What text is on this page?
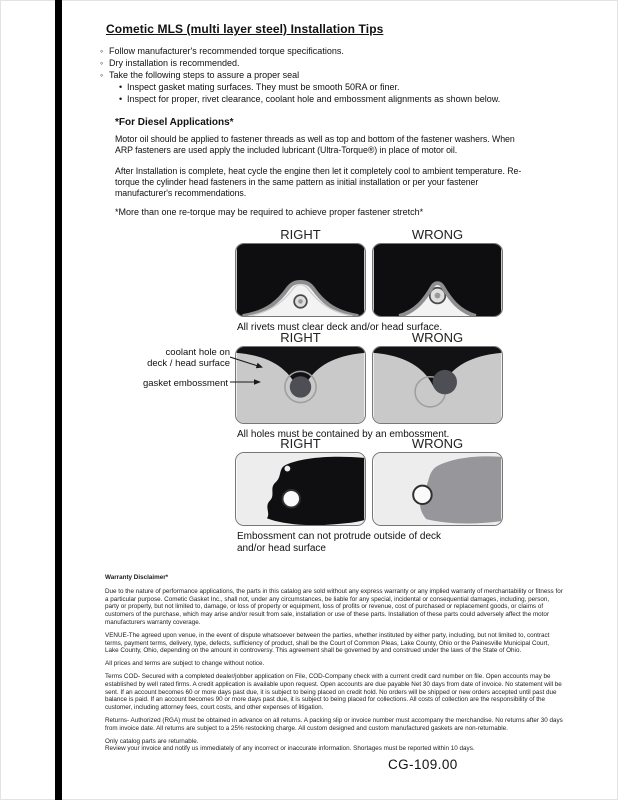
Cometic MLS (multi layer steel) Installation Tips
◦ Follow manufacturer's recommended torque specifications.
◦ Dry installation is recommended.
◦ Take the following steps to assure a proper seal
• Inspect gasket mating surfaces. They must be smooth 50RA or finer.
• Inspect for proper, rivet clearance, coolant hole and embossment alignments as shown below.
*For Diesel Applications*

Motor oil should be applied to fastener threads as well as top and bottom of the fastener washers. When ARP fasteners are used apply the included lubricant (Ultra-Torque®) in place of motor oil.

After Installation is complete, heat cycle the engine then let it completely cool to ambient temperature. Re-torque the cylinder head fasteners in the same pattern as initial installation or per your fastener manufacturer's recommendations.

*More than one re-torque may be required to achieve proper fastener stretch*

RIGHT	WRONG
All rivets must clear deck and/or head surface.
RIGHT	WRONG
coolant hole on
deck / head surface
gasket embossment
All holes must be contained by an embossment.
RIGHT	WRONG
Embossment can not protrude outside of deck and/or head surface
Warranty Disclaimer*

Due to the nature of performance applications, the parts in this catalog are sold without any express warranty or any implied warranty of merchantability or fitness for a particular purpose. Cometic Gasket Inc., shall not, under any circumstances, be liable for any special, incidental or consequential damages, including, person, party or property, but not limited to, damage, or loss of property or equipment, loss of profits or revenue, cost of purchased or replacement goods, or claims of customers of the purchase, which may arise and/or result from sale, installation or use of these parts. Installation of these parts could adversely affect the motor manufacturers warranty coverage.

VENUE-The agreed upon venue, in the event of dispute whatsoever between the parties, whether instituted by either party, including, but not limited to, contract terms, payment terms, delivery, type, defects, sufficiency of product, shall be the Court of Common Pleas, Lake County, Ohio or the Painesville Municipal Court, Lake County, Ohio, depending on the amount in controversy. This agreement shall be governed by and construed under the laws of the State of Ohio.

All prices and terms are subject to change without notice.

Terms COD- Secured with a completed dealer/jobber application on File, COD-Company check with a current credit card number on file. Open accounts may be established by well rated firms. A credit application is available upon request. Open accounts are due payable Net 30 days from date of invoice. No statement will be sent. If an account becomes 60 or more days past due, it is subject to being placed on credit hold. No orders will be shipped or new orders accepted until past due balance is paid. If an account becomes 90 or more days past due, it is subject to being placed for collections. All costs of collection are the responsibility of the customer, including attorney fees, court costs, and other expenses of litigation.

Returns- Authorized (RGA) must be obtained in advance on all returns. A packing slip or invoice number must accompany the merchandise. No returns after 30 days from invoice date. All returns are subject to a 25% restocking charge. All custom designed and custom manufactured gaskets are non-returnable.

Only catalog parts are returnable.

Review your invoice and notify us immediately of any incorrect or inaccurate information. Shortages must be reported within 10 days.

CG-109.00
